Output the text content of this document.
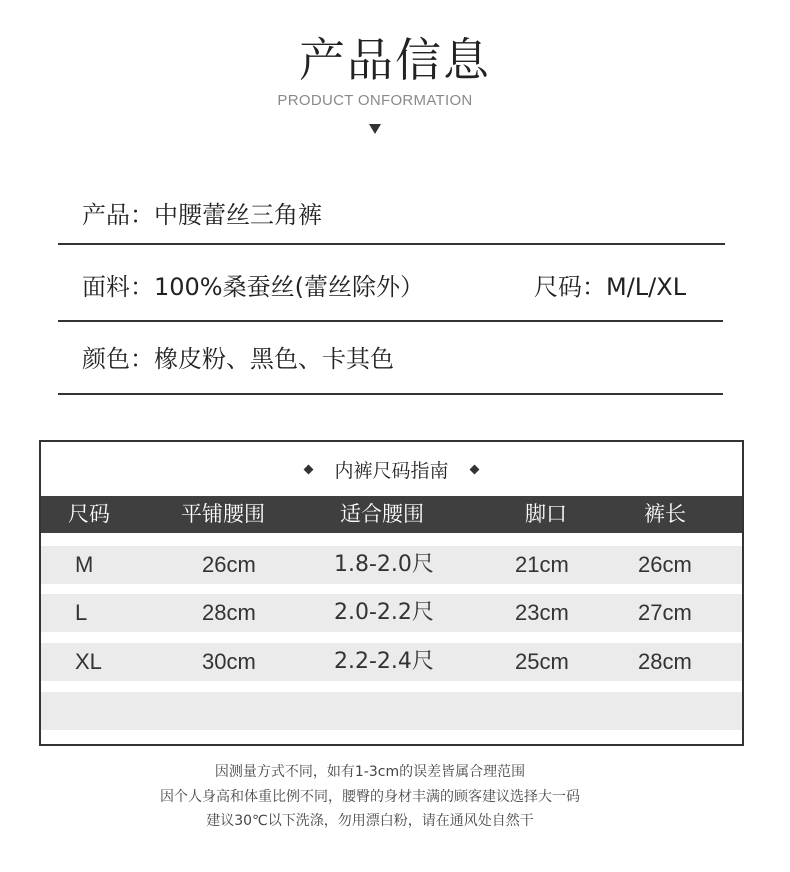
产品信息
PRODUCT ONFORMATION
产品：中腰蕾丝三角裤
面料：100%桑蚕丝(蕾丝除外）	尺码：M/L/XL
颜色：橡皮粉、黑色、卡其色
内裤尺码指南
尺码	平铺腰围	适合腰围	脚口	裤长
M	26cm	1.8-2.0尺	21cm	26cm
L	28cm	2.0-2.2尺	23cm	27cm
XL	30cm	2.2-2.4尺	25cm	28cm
因测量方式不同，如有1-3cm的误差皆属合理范围
因个人身高和体重比例不同，腰臀的身材丰满的顾客建议选择大一码
建议30℃以下洗涤，勿用漂白粉，请在通风处自然干
